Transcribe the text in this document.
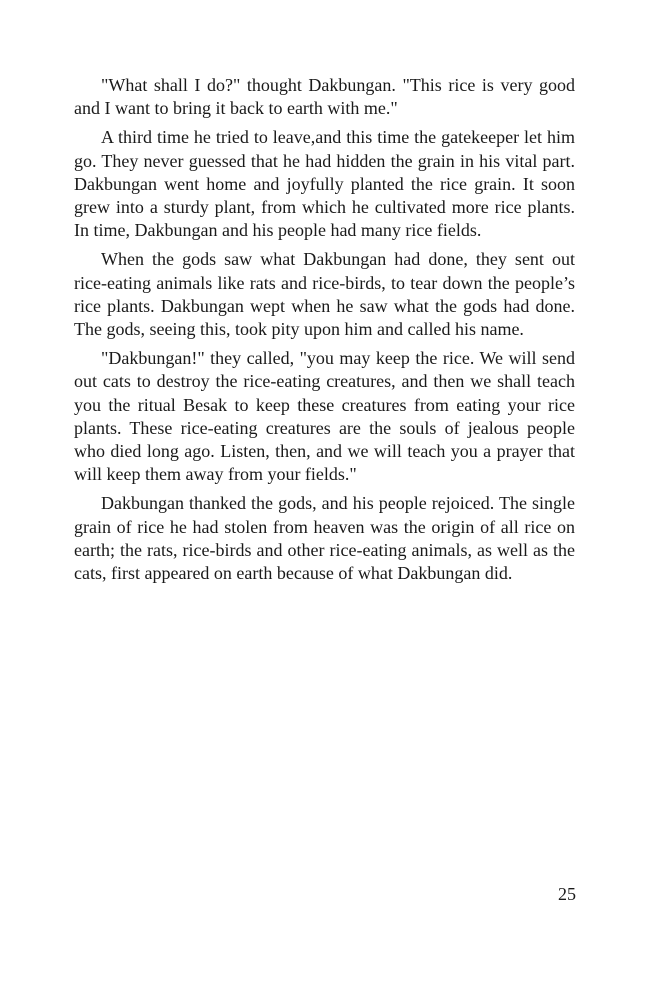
"What shall I do?" thought Dakbungan. "This rice is very good and I want to bring it back to earth with me."

A third time he tried to leave,and this time the gatekeeper let him go. They never guessed that he had hidden the grain in his vital part. Dakbungan went home and joyfully planted the rice grain. It soon grew into a sturdy plant, from which he cultivated more rice plants. In time, Dakbungan and his people had many rice fields.

When the gods saw what Dakbungan had done, they sent out rice-eating animals like rats and rice-birds, to tear down the people’s rice plants. Dakbungan wept when he saw what the gods had done. The gods, seeing this, took pity upon him and called his name.

"Dakbungan!" they called, "you may keep the rice. We will send out cats to destroy the rice-eating creatures, and then we shall teach you the ritual Besak to keep these creatures from eating your rice plants. These rice-eating creatures are the souls of jealous people who died long ago. Listen, then, and we will teach you a prayer that will keep them away from your fields."

Dakbungan thanked the gods, and his people rejoiced. The single grain of rice he had stolen from heaven was the origin of all rice on earth; the rats, rice-birds and other rice-eating animals, as well as the cats, first appeared on earth because of what Dakbungan did.

25
